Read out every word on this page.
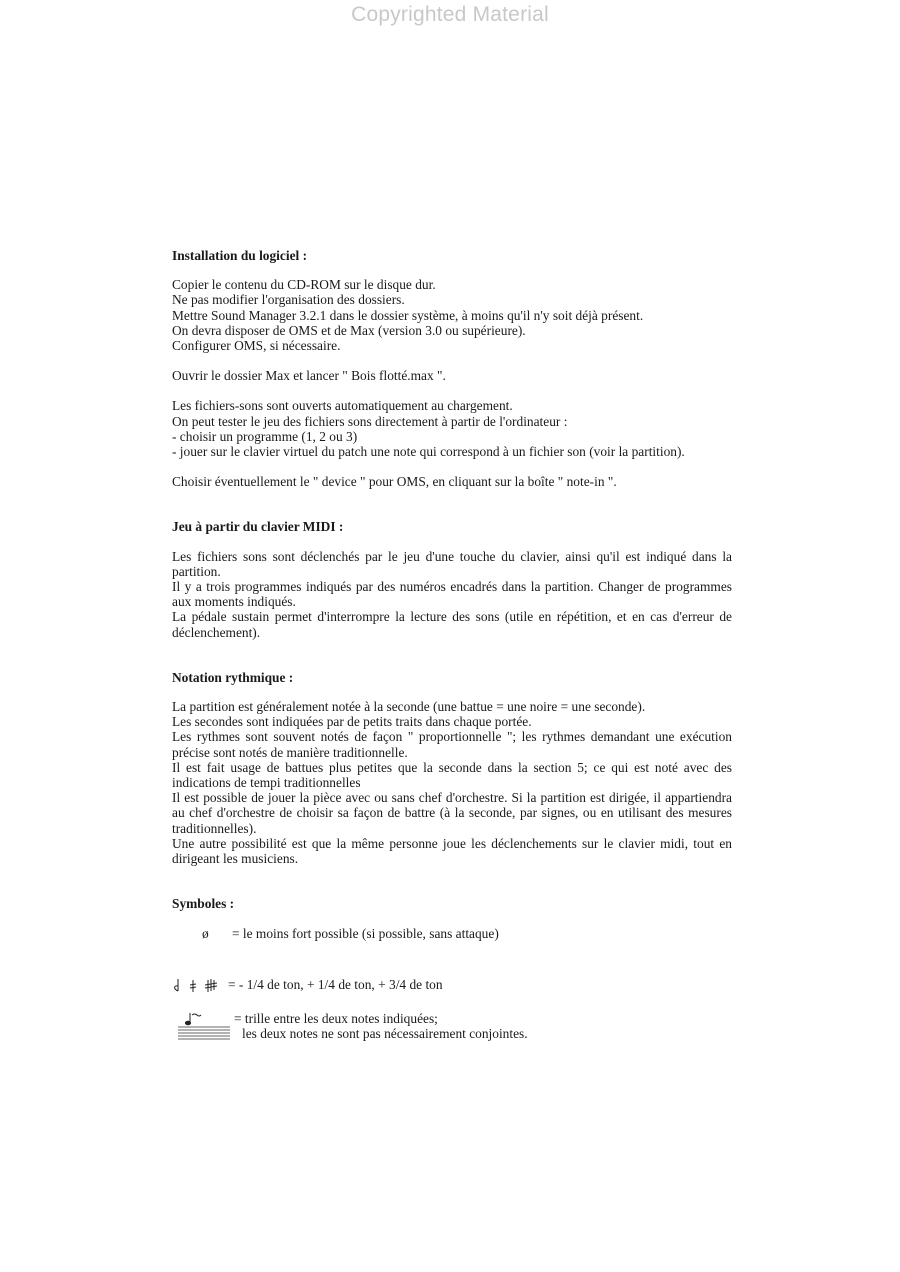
Copyrighted Material
Installation du logiciel :
Copier le contenu du CD-ROM sur le disque dur.
Ne pas modifier l'organisation des dossiers.
Mettre Sound Manager 3.2.1 dans le dossier système, à moins qu'il n'y soit déjà présent.
On devra disposer de OMS et de Max (version 3.0 ou supérieure).
Configurer OMS, si nécessaire.
Ouvrir le dossier Max et lancer " Bois flotté.max ".
Les fichiers-sons sont ouverts automatiquement au chargement.
On peut tester le jeu des fichiers sons directement à partir de l'ordinateur :
- choisir un programme (1, 2 ou 3)
- jouer sur le clavier virtuel du patch une note qui correspond à un fichier son (voir la partition).
Choisir éventuellement le " device " pour OMS, en cliquant sur la boîte " note-in ".
Jeu à partir du clavier MIDI :
Les fichiers sons sont déclenchés par le jeu d'une touche du clavier, ainsi qu'il est indiqué dans la partition.
Il y a trois programmes indiqués par des numéros encadrés dans la partition. Changer de programmes aux moments indiqués.
La pédale sustain permet d'interrompre la lecture des sons (utile en répétition, et en cas d'erreur de déclenchement).
Notation rythmique :
La partition est généralement notée à la seconde (une battue = une noire = une seconde).
Les secondes sont indiquées par de petits traits dans chaque portée.
Les rythmes sont souvent notés de façon " proportionnelle "; les rythmes demandant une exécution précise sont notés de manière traditionnelle.
Il est fait usage de battues plus petites que la seconde dans la section 5; ce qui est noté avec des indications de tempi traditionnelles
Il est possible de jouer la pièce avec ou sans chef d'orchestre. Si la partition est dirigée, il appartiendra au chef d'orchestre de choisir sa façon de battre (à la seconde, par signes, ou en utilisant des mesures traditionnelles).
Une autre possibilité est que la même personne joue les déclenchements sur le clavier midi, tout en dirigeant les musiciens.
Symboles :
ø = le moins fort possible (si possible, sans attaque)
= - 1/4 de ton, + 1/4 de ton, + 3/4 de ton
= trille entre les deux notes indiquées;
les deux notes ne sont pas nécessairement conjointes.
